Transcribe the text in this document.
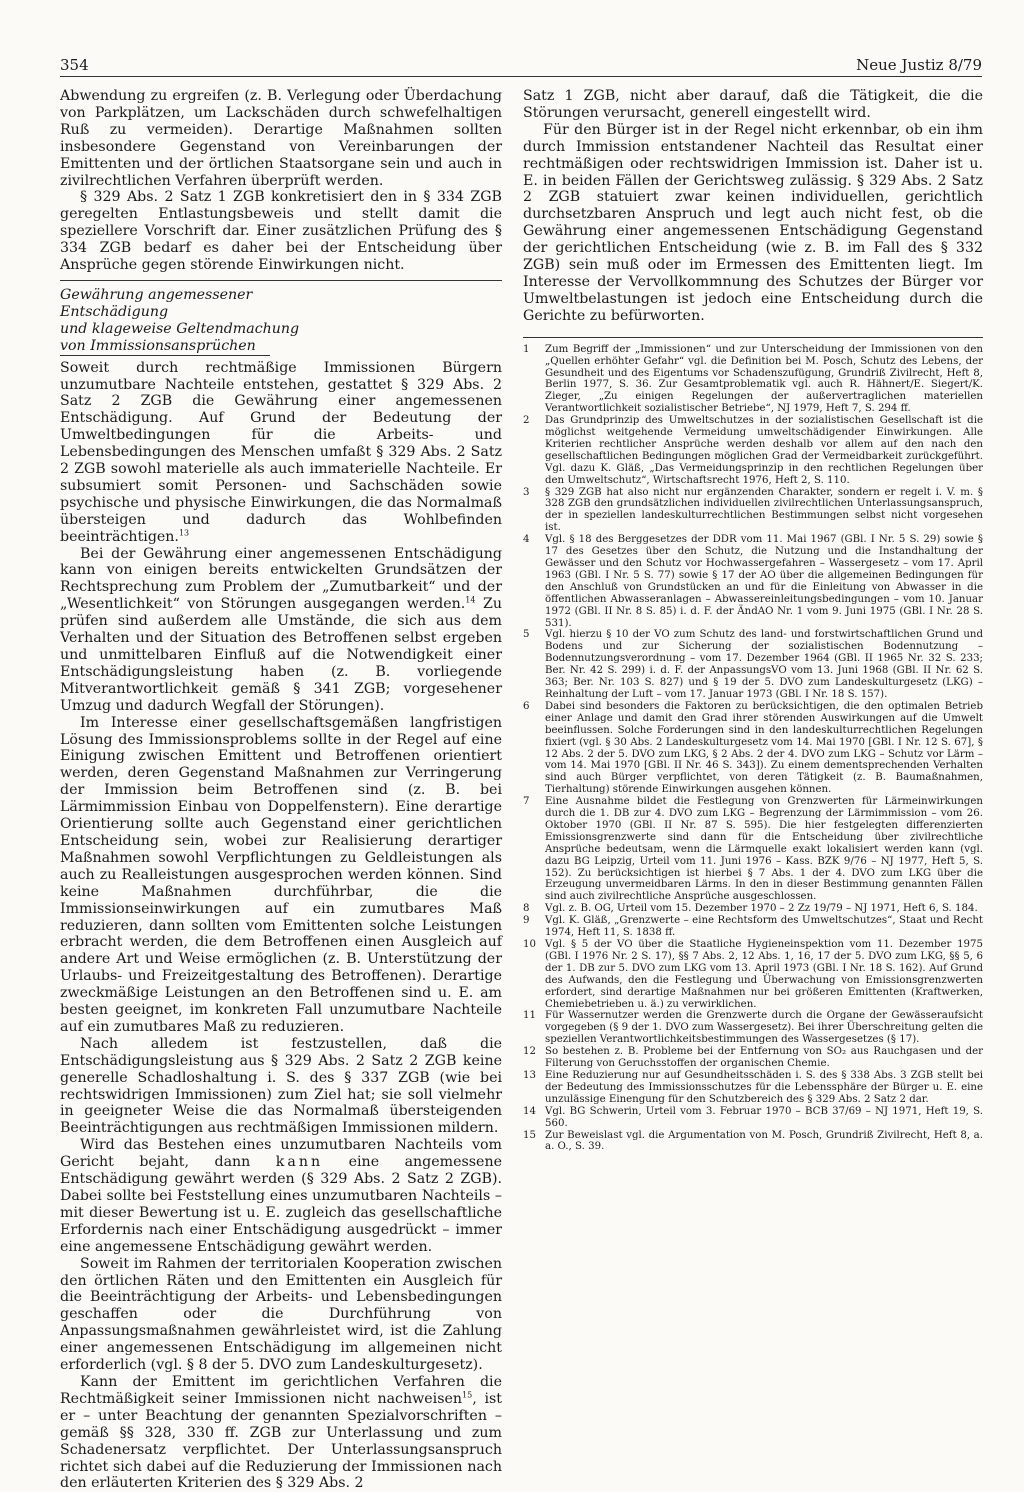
354	Neue Justiz 8/79

Abwendung zu ergreifen (z. B. Verlegung oder Überdachung von Parkplätzen, um Lackschäden durch schwefelhaltigen Ruß zu vermeiden). Derartige Maßnahmen sollten insbesondere Gegenstand von Vereinbarungen der Emittenten und der örtlichen Staatsorgane sein und auch in zivilrechtlichen Verfahren überprüft werden.

§ 329 Abs. 2 Satz 1 ZGB konkretisiert den in § 334 ZGB geregelten Entlastungsbeweis und stellt damit die speziellere Vorschrift dar. Einer zusätzlichen Prüfung des § 334 ZGB bedarf es daher bei der Entscheidung über Ansprüche gegen störende Einwirkungen nicht.

Gewährung angemessener Entschädigung
und klageweise Geltendmachung
von Immissionsansprüchen

Soweit durch rechtmäßige Immissionen Bürgern unzumutbare Nachteile entstehen, gestattet § 329 Abs. 2 Satz 2 ZGB die Gewährung einer angemessenen Entschädigung. Auf Grund der Bedeutung der Umweltbedingungen für die Arbeits- und Lebensbedingungen des Menschen umfaßt § 329 Abs. 2 Satz 2 ZGB sowohl materielle als auch immaterielle Nachteile. Er subsumiert somit Personen- und Sachschäden sowie psychische und physische Einwirkungen, die das Normalmaß übersteigen und dadurch das Wohlbefinden beeinträchtigen.$^{13}$

Bei der Gewährung einer angemessenen Entschädigung kann von einigen bereits entwickelten Grundsätzen der Rechtsprechung zum Problem der „Zumutbarkeit“ und der „Wesentlichkeit“ von Störungen ausgegangen werden.$^{14}$ Zu prüfen sind außerdem alle Umstände, die sich aus dem Verhalten und der Situation des Betroffenen selbst ergeben und unmittelbaren Einfluß auf die Notwendigkeit einer Entschädigungsleistung haben (z. B. vorliegende Mitverantwortlichkeit gemäß § 341 ZGB; vorgesehener Umzug und dadurch Wegfall der Störungen).

Im Interesse einer gesellschaftsgemäßen langfristigen Lösung des Immissionsproblems sollte in der Regel auf eine Einigung zwischen Emittent und Betroffenen orientiert werden, deren Gegenstand Maßnahmen zur Verringerung der Immission beim Betroffenen sind (z. B. bei Lärmimmission Einbau von Doppelfenstern). Eine derartige Orientierung sollte auch Gegenstand einer gerichtlichen Entscheidung sein, wobei zur Realisierung derartiger Maßnahmen sowohl Verpflichtungen zu Geldleistungen als auch zu Realleistungen ausgesprochen werden können. Sind keine Maßnahmen durchführbar, die die Immissionseinwirkungen auf ein zumutbares Maß reduzieren, dann sollten vom Emittenten solche Leistungen erbracht werden, die dem Betroffenen einen Ausgleich auf andere Art und Weise ermöglichen (z. B. Unterstützung der Urlaubs- und Freizeitgestaltung des Betroffenen). Derartige zweckmäßige Leistungen an den Betroffenen sind u. E. am besten geeignet, im konkreten Fall unzumutbare Nachteile auf ein zumutbares Maß zu reduzieren.

Nach alledem ist festzustellen, daß die Entschädigungsleistung aus § 329 Abs. 2 Satz 2 ZGB keine generelle Schadloshaltung i. S. des § 337 ZGB (wie bei rechtswidrigen Immissionen) zum Ziel hat; sie soll vielmehr in geeigneter Weise die das Normalmaß übersteigenden Beeinträchtigungen aus rechtmäßigen Immissionen mildern.

Wird das Bestehen eines unzumutbaren Nachteils vom Gericht bejaht, dann kann eine angemessene Entschädigung gewährt werden (§ 329 Abs. 2 Satz 2 ZGB). Dabei sollte bei Feststellung eines unzumutbaren Nachteils – mit dieser Bewertung ist u. E. zugleich das gesellschaftliche Erfordernis nach einer Entschädigung ausgedrückt – immer eine angemessene Entschädigung gewährt werden.

Soweit im Rahmen der territorialen Kooperation zwischen den örtlichen Räten und den Emittenten ein Ausgleich für die Beeinträchtigung der Arbeits- und Lebensbedingungen geschaffen oder die Durchführung von Anpassungsmaßnahmen gewährleistet wird, ist die Zahlung einer angemessenen Entschädigung im allgemeinen nicht erforderlich (vgl. § 8 der 5. DVO zum Landeskulturgesetz).

Kann der Emittent im gerichtlichen Verfahren die Rechtmäßigkeit seiner Immissionen nicht nachweisen$^{15}$, ist er – unter Beachtung der genannten Spezialvorschriften – gemäß §§ 328, 330 ff. ZGB zur Unterlassung und zum Schadenersatz verpflichtet. Der Unterlassungsanspruch richtet sich dabei auf die Reduzierung der Immissionen nach den erläuterten Kriterien des § 329 Abs. 2

Satz 1 ZGB, nicht aber darauf, daß die Tätigkeit, die die Störungen verursacht, generell eingestellt wird.

Für den Bürger ist in der Regel nicht erkennbar, ob ein ihm durch Immission entstandener Nachteil das Resultat einer rechtmäßigen oder rechtswidrigen Immission ist. Daher ist u. E. in beiden Fällen der Gerichtsweg zulässig. § 329 Abs. 2 Satz 2 ZGB statuiert zwar keinen individuellen, gerichtlich durchsetzbaren Anspruch und legt auch nicht fest, ob die Gewährung einer angemessenen Entschädigung Gegenstand der gerichtlichen Entscheidung (wie z. B. im Fall des § 332 ZGB) sein muß oder im Ermessen des Emittenten liegt. Im Interesse der Vervollkommnung des Schutzes der Bürger vor Umweltbelastungen ist jedoch eine Entscheidung durch die Gerichte zu befürworten.

1	Zum Begriff der „Immissionen“ und zur Unterscheidung der Immissionen von den „Quellen erhöhter Gefahr“ vgl. die Definition bei M. Posch, Schutz des Lebens, der Gesundheit und des Eigentums vor Schadenszufügung, Grundriß Zivilrecht, Heft 8, Berlin 1977, S. 36. Zur Gesamtproblematik vgl. auch R. Hähnert/E. Siegert/K. Zieger, „Zu einigen Regelungen der außervertraglichen materiellen Verantwortlichkeit sozialistischer Betriebe“, NJ 1979, Heft 7, S. 294 ff.
2	Das Grundprinzip des Umweltschutzes in der sozialistischen Gesellschaft ist die möglichst weitgehende Vermeidung umweltschädigender Einwirkungen. Alle Kriterien rechtlicher Ansprüche werden deshalb vor allem auf den nach den gesellschaftlichen Bedingungen möglichen Grad der Vermeidbarkeit zurückgeführt. Vgl. dazu K. Gläß, „Das Vermeidungsprinzip in den rechtlichen Regelungen über den Umweltschutz“, Wirtschaftsrecht 1976, Heft 2, S. 110.
3	§ 329 ZGB hat also nicht nur ergänzenden Charakter, sondern er regelt i. V. m. § 328 ZGB den grundsätzlichen individuellen zivilrechtlichen Unterlassungsanspruch, der in speziellen landeskulturrechtlichen Bestimmungen selbst nicht vorgesehen ist.
4	Vgl. § 18 des Berggesetzes der DDR vom 11. Mai 1967 (GBl. I Nr. 5 S. 29) sowie § 17 des Gesetzes über den Schutz, die Nutzung und die Instandhaltung der Gewässer und den Schutz vor Hochwassergefahren – Wassergesetz – vom 17. April 1963 (GBl. I Nr. 5 S. 77) sowie § 17 der AO über die allgemeinen Bedingungen für den Anschluß von Grundstücken an und für die Einleitung von Abwasser in die öffentlichen Abwasseranlagen – Abwassereinleitungsbedingungen – vom 10. Januar 1972 (GBl. II Nr. 8 S. 85) i. d. F. der ÄndAO Nr. 1 vom 9. Juni 1975 (GBl. I Nr. 28 S. 531).
5	Vgl. hierzu § 10 der VO zum Schutz des land- und forstwirtschaftlichen Grund und Bodens und zur Sicherung der sozialistischen Bodennutzung – Bodennutzungsverordnung – vom 17. Dezember 1964 (GBl. II 1965 Nr. 32 S. 233; Ber. Nr. 42 S. 299) i. d. F. der AnpassungsVO vom 13. Juni 1968 (GBl. II Nr. 62 S. 363; Ber. Nr. 103 S. 827) und § 19 der 5. DVO zum Landeskulturgesetz (LKG) – Reinhaltung der Luft – vom 17. Januar 1973 (GBl. I Nr. 18 S. 157).
6	Dabei sind besonders die Faktoren zu berücksichtigen, die den optimalen Betrieb einer Anlage und damit den Grad ihrer störenden Auswirkungen auf die Umwelt beeinflussen. Solche Forderungen sind in den landeskulturrechtlichen Regelungen fixiert (vgl. § 30 Abs. 2 Landeskulturgesetz vom 14. Mai 1970 [GBl. I Nr. 12 S. 67], § 12 Abs. 2 der 5. DVO zum LKG, § 2 Abs. 2 der 4. DVO zum LKG – Schutz vor Lärm – vom 14. Mai 1970 [GBl. II Nr. 46 S. 343]). Zu einem dementsprechenden Verhalten sind auch Bürger verpflichtet, von deren Tätigkeit (z. B. Baumaßnahmen, Tierhaltung) störende Einwirkungen ausgehen können.
7	Eine Ausnahme bildet die Festlegung von Grenzwerten für Lärmeinwirkungen durch die 1. DB zur 4. DVO zum LKG – Begrenzung der Lärmimmission – vom 26. Oktober 1970 (GBl. II Nr. 87 S. 595). Die hier festgelegten differenzierten Emissionsgrenzwerte sind dann für die Entscheidung über zivilrechtliche Ansprüche bedeutsam, wenn die Lärmquelle exakt lokalisiert werden kann (vgl. dazu BG Leipzig, Urteil vom 11. Juni 1976 – Kass. BZK 9/76 – NJ 1977, Heft 5, S. 152). Zu berücksichtigen ist hierbei § 7 Abs. 1 der 4. DVO zum LKG über die Erzeugung unvermeidbaren Lärms. In den in dieser Bestimmung genannten Fällen sind auch zivilrechtliche Ansprüche ausgeschlossen.
8	Vgl. z. B. OG, Urteil vom 15. Dezember 1970 – 2 Zz 19/79 – NJ 1971, Heft 6, S. 184.
9	Vgl. K. Gläß, „Grenzwerte – eine Rechtsform des Umweltschutzes“, Staat und Recht 1974, Heft 11, S. 1838 ff.
10 Vgl. § 5 der VO über die Staatliche Hygieneinspektion vom 11. Dezember 1975 (GBl. I 1976 Nr. 2 S. 17), §§ 7 Abs. 2, 12 Abs. 1, 16, 17 der 5. DVO zum LKG, §§ 5, 6 der 1. DB zur 5. DVO zum LKG vom 13. April 1973 (GBl. I Nr. 18 S. 162). Auf Grund des Aufwands, den die Festlegung und Überwachung von Emissionsgrenzwerten erfordert, sind derartige Maßnahmen nur bei größeren Emittenten (Kraftwerken, Chemiebetrieben u. ä.) zu verwirklichen.
11 Für Wassernutzer werden die Grenzwerte durch die Organe der Gewässeraufsicht vorgegeben (§ 9 der 1. DVO zum Wassergesetz). Bei ihrer Überschreitung gelten die speziellen Verantwortlichkeitsbestimmungen des Wassergesetzes (§ 17).
12 So bestehen z. B. Probleme bei der Entfernung von SO₂ aus Rauchgasen und der Filterung von Geruchsstoffen der organischen Chemie.
13 Eine Reduzierung nur auf Gesundheitsschäden i. S. des § 338 Abs. 3 ZGB stellt bei der Bedeutung des Immissionsschutzes für die Lebenssphäre der Bürger u. E. eine unzulässige Einengung für den Schutzbereich des § 329 Abs. 2 Satz 2 dar.
14 Vgl. BG Schwerin, Urteil vom 3. Februar 1970 – BCB 37/69 – NJ 1971, Heft 19, S. 560.
15 Zur Beweislast vgl. die Argumentation von M. Posch, Grundriß Zivilrecht, Heft 8, a. a. O., S. 39.
